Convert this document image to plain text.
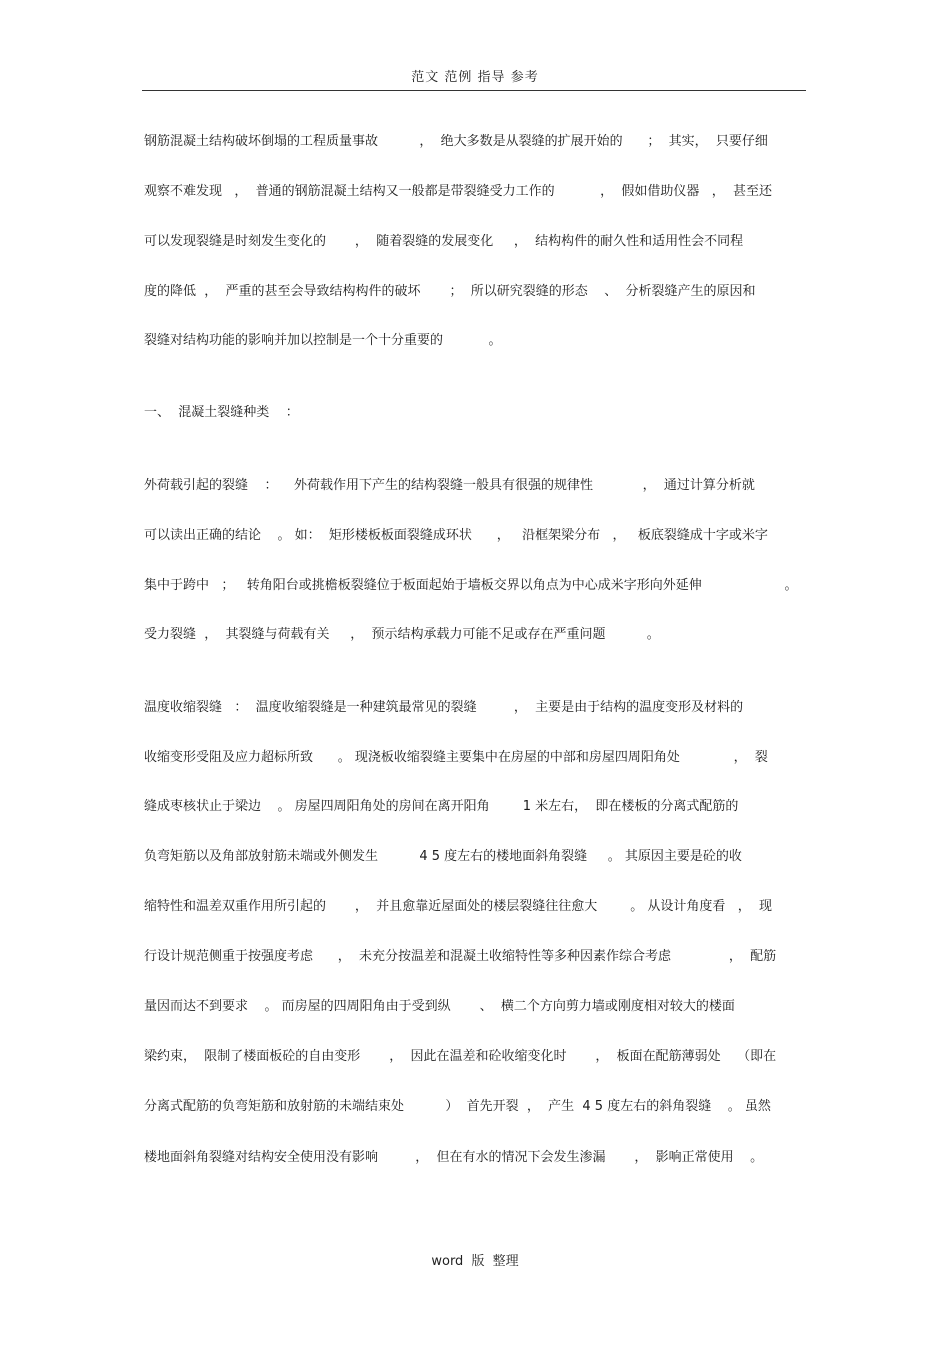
范文 范例 指导 参考
钢筋混凝土结构破坏倒塌的工程质量事故          ，  绝大多数是从裂缝的扩展开始的      ；  其实，  只要仔细
观察不难发现   ，  普通的钢筋混凝土结构又一般都是带裂缝受力工作的           ，  假如借助仪器   ，  甚至还
可以发现裂缝是时刻发生变化的       ，  随着裂缝的发展变化     ，  结构构件的耐久性和适用性会不同程
度的降低  ，  严重的甚至会导致结构构件的破坏       ；  所以研究裂缝的形态    、  分析裂缝产生的原因和
裂缝对结构功能的影响并加以控制是一个十分重要的           。
一、  混凝土裂缝种类    ：
外荷载引起的裂缝    ：    外荷载作用下产生的结构裂缝一般具有很强的规律性            ，  通过计算分析就
可以读出正确的结论    。 如：  矩形楼板板面裂缝成环状      ，   沿框架梁分布   ，   板底裂缝成十字或米字
集中于跨中   ；   转角阳台或挑檐板裂缝位于板面起始于墙板交界以角点为中心成米字形向外延伸                    。
受力裂缝  ，  其裂缝与荷载有关     ，  预示结构承载力可能不足或存在严重问题          。
温度收缩裂缝   ：  温度收缩裂缝是一种建筑最常见的裂缝         ，  主要是由于结构的温度变形及材料的
收缩变形受阻及应力超标所致      。 现浇板收缩裂缝主要集中在房屋的中部和房屋四周阳角处             ，  裂
缝成枣核状止于梁边    。 房屋四周阳角处的房间在离开阳角        1 米左右，  即在楼板的分离式配筋的
负弯矩筋以及角部放射筋未端或外侧发生          4 5 度左右的楼地面斜角裂缝     。 其原因主要是砼的收
缩特性和温差双重作用所引起的       ，  并且愈靠近屋面处的楼层裂缝往往愈大        。 从设计角度看   ，  现
行设计规范侧重于按强度考虑      ，  未充分按温差和混凝土收缩特性等多种因素作综合考虑              ，  配筋
量因而达不到要求    。 而房屋的四周阳角由于受到纵       、  横二个方向剪力墙或刚度相对较大的楼面
梁约束，  限制了楼面板砼的自由变形       ，  因此在温差和砼收缩变化时       ，  板面在配筋薄弱处    （即在
分离式配筋的负弯矩筋和放射筋的未端结束处          ）  首先开裂  ，  产生  4 5 度左右的斜角裂缝    。 虽然
楼地面斜角裂缝对结构安全使用没有影响         ，  但在有水的情况下会发生渗漏       ，  影响正常使用    。
word 版 整理
